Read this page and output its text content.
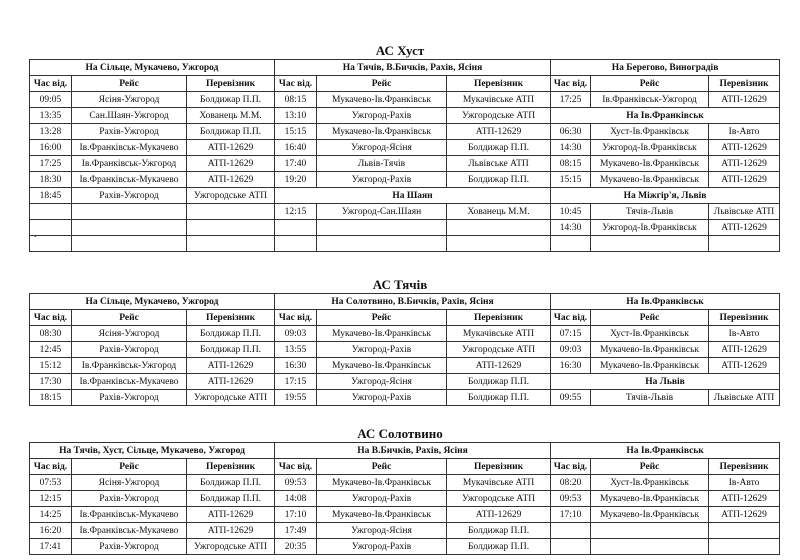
АС Хуст
На Сільце, Мукачево, Ужгород			На Тячів, В.Бичків, Рахів, Ясіня			На Берегово, Виноградів		
Час від.	Рейс	Перевізник	Час від.	Рейс	Перевізник	Час від.	Рейс	Перевізник
09:05	Ясіня-Ужгород	Болдижар П.П.	08:15	Мукачево-Ів.Франківськ	Мукачівське АТП	17:25	Ів.Франківськ-Ужгород	АТП-12629
13:35	Сан.Шаян-Ужгород	Хованець М.М.	13:10	Ужгород-Рахів	Ужгородське АТП	На Ів.Франківськ		
13:28	Рахів-Ужгород	Болдижар П.П.	15:15	Мукачево-Ів.Франківськ	АТП-12629	06:30	Хуст-Ів.Франківськ	Ів-Авто
16:00	Ів.Франківськ-Мукачево	АТП-12629	16:40	Ужгород-Ясіня	Болдижар П.П.	14:30	Ужгород-Ів.Франківськ	АТП-12629
17:25	Ів.Франківськ-Ужгород	АТП-12629	17:40	Львів-Тячів	Львівське АТП	08:15	Мукачево-Ів.Франківськ	АТП-12629
18:30	Ів.Франківськ-Мукачево	АТП-12629	19:20	Ужгород-Рахів	Болдижар П.П.	15:15	Мукачево-Ів.Франківськ	АТП-12629
18:45	Рахів-Ужгород	Ужгородське АТП	На Шаян			На Міжгір'я, Львів		
			12:15	Ужгород-Сан.Шаян	Хованець М.М.	10:45	Тячів-Львів	Львівське АТП
						14:30	Ужгород-Ів.Франківськ	АТП-12629

АС Тячів
На Сільце, Мукачево, Ужгород			На Солотвино, В.Бичків, Рахів, Ясіня			На Ів.Франківськ		
Час від.	Рейс	Перевізник	Час від.	Рейс	Перевізник	Час від.	Рейс	Перевізник
08:30	Ясіня-Ужгород	Болдижар П.П.	09:03	Мукачево-Ів.Франківськ	Мукачівське АТП	07:15	Хуст-Ів.Франківськ	Ів-Авто
12:45	Рахів-Ужгород	Болдижар П.П.	13:55	Ужгород-Рахів	Ужгородське АТП	09:03	Мукачево-Ів.Франківськ	АТП-12629
15:12	Ів.Франківськ-Ужгород	АТП-12629	16:30	Мукачево-Ів.Франківськ	АТП-12629	16:30	Мукачево-Ів.Франківськ	АТП-12629
17:30	Ів.Франківськ-Мукачево	АТП-12629	17:15	Ужгород-Ясіня	Болдижар П.П.	На Львів		
18:15	Рахів-Ужгород	Ужгородське АТП	19:55	Ужгород-Рахів	Болдижар П.П.	09:55	Тячів-Львів	Львівське АТП
АС Солотвино
На Тячів, Хуст, Сільце, Мукачево, Ужгород			На В.Бичків, Рахів, Ясіня			На Ів.Франківськ		
Час від.	Рейс	Перевізник	Час від.	Рейс	Перевізник	Час від.	Рейс	Перевізник
07:53	Ясіня-Ужгород	Болдижар П.П.	09:53	Мукачево-Ів.Франківськ	Мукачівське АТП	08:20	Хуст-Ів.Франківськ	Ів-Авто
12:15	Рахів-Ужгород	Болдижар П.П.	14:08	Ужгород-Рахів	Ужгородське АТП	09:53	Мукачево-Ів.Франківськ	АТП-12629
14:25	Ів.Франківськ-Мукачево	АТП-12629	17:10	Мукачево-Ів.Франківськ	АТП-12629	17:10	Мукачево-Ів.Франківськ	АТП-12629
16:20	Ів.Франківськ-Мукачево	АТП-12629	17:49	Ужгород-Ясіня	Болдижар П.П.			
17:41	Рахів-Ужгород	Ужгородське АТП	20:35	Ужгород-Рахів	Болдижар П.П.			
•
